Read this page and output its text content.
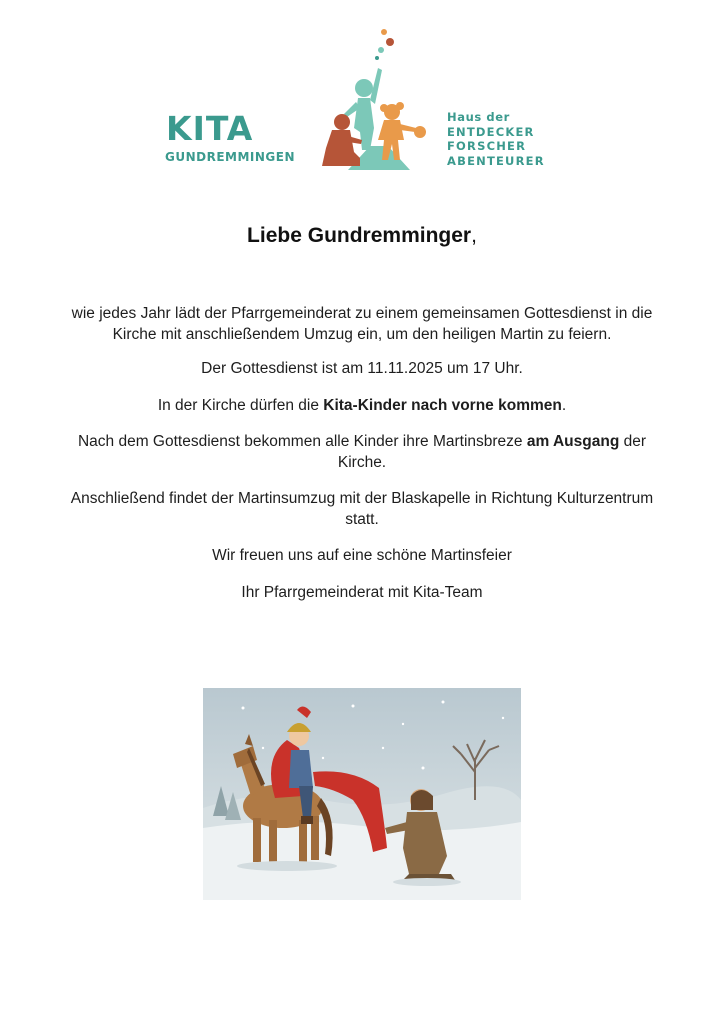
KITA
GUNDREMMINGEN
Haus der
ENTDECKER
FORSCHER
ABENTEURER
Liebe Gundremminger,

wie jedes Jahr lädt der Pfarrgemeinderat zu einem gemeinsamen Gottesdienst in die Kirche mit anschließendem Umzug ein, um den heiligen Martin zu feiern.

Der Gottesdienst ist am 11.11.2025 um 17 Uhr.

In der Kirche dürfen die Kita-Kinder nach vorne kommen.

Nach dem Gottesdienst bekommen alle Kinder ihre Martinsbreze am Ausgang der Kirche.

Anschließend findet der Martinsumzug mit der Blaskapelle in Richtung Kulturzentrum statt.

Wir freuen uns auf eine schöne Martinsfeier

Ihr Pfarrgemeinderat mit Kita-Team
